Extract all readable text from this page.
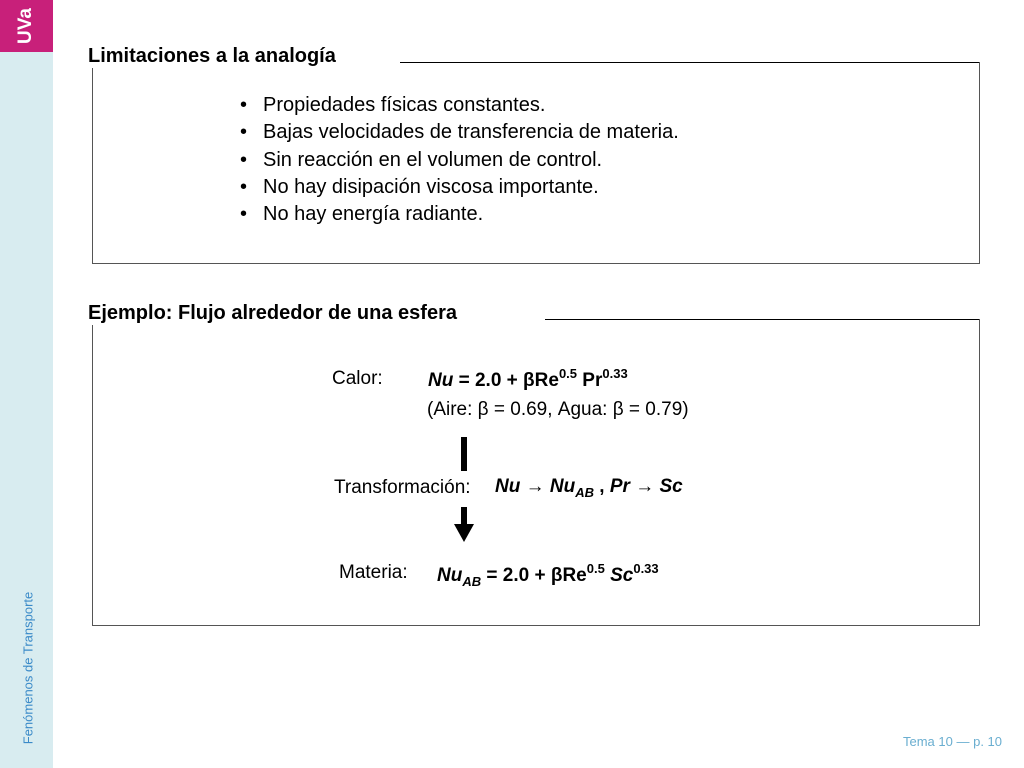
UVa
Fenómenos de Transporte
Limitaciones a la analogía
• Propiedades físicas constantes.
• Bajas velocidades de transferencia de materia.
• Sin reacción en el volumen de control.
• No hay disipación viscosa importante.
• No hay energía radiante.
Ejemplo: Flujo alrededor de una esfera
Calor: Nu = 2.0 + βRe$^{0.5}$ $Pr^{0.33}$
(Aire: β = 0.69, Agua: β = 0.79)
Transformación: $Nu \to Nu_{AB}$ , Pr → Sc
Materia: $Nu_{AB} = 2.0 + \beta Re^{0.5}$ $Sc^{0.33}$
Tema 10 — p. 10
